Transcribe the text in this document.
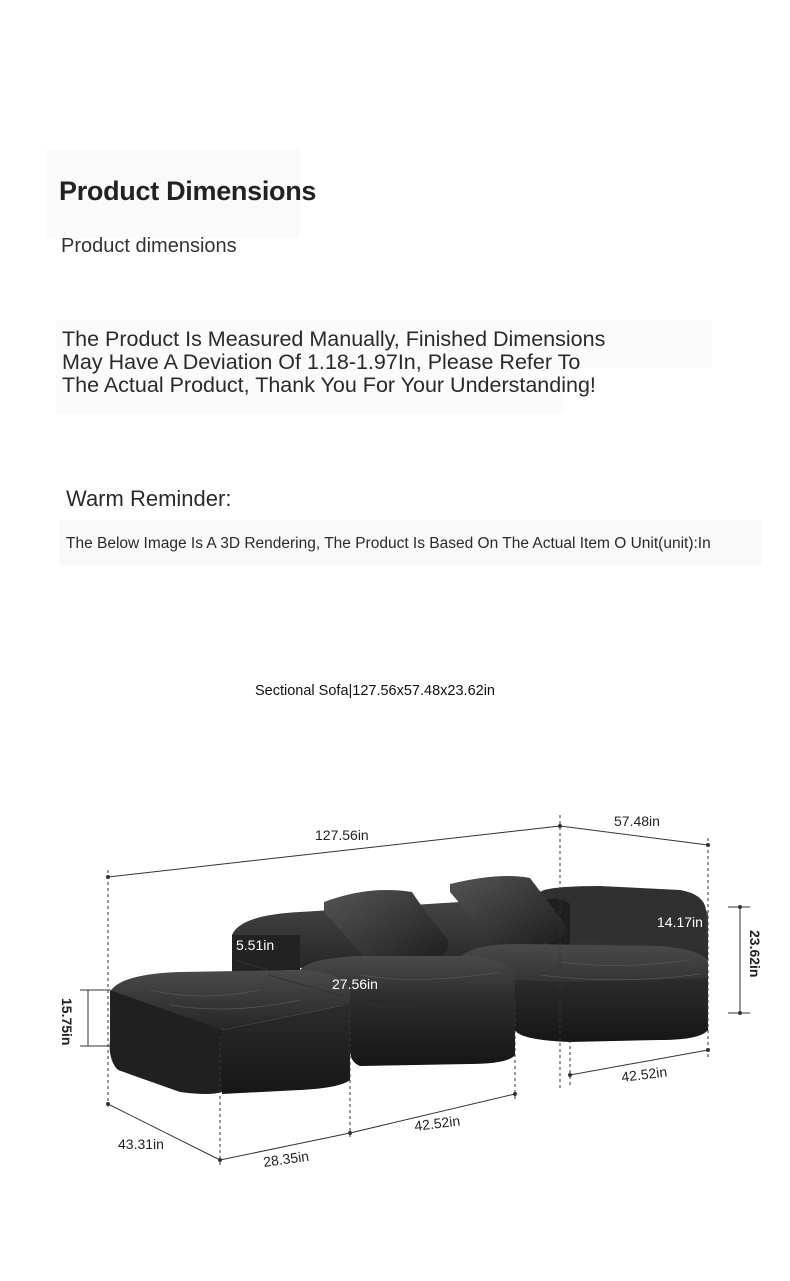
Product Dimensions
Product dimensions
The Product Is Measured Manually, Finished Dimensions
May Have A Deviation Of 1.18-1.97In, Please Refer To
The Actual Product, Thank You For Your Understanding!
Warm Reminder:
The Below Image Is A 3D Rendering, The Product Is Based On The Actual Item O Unit(unit):In
Sectional Sofa|127.56x57.48x23.62in
127.56in
57.48in
23.62in
14.17in
5.51in
27.56in
15.75in
43.31in
28.35in
42.52in
42.52in
